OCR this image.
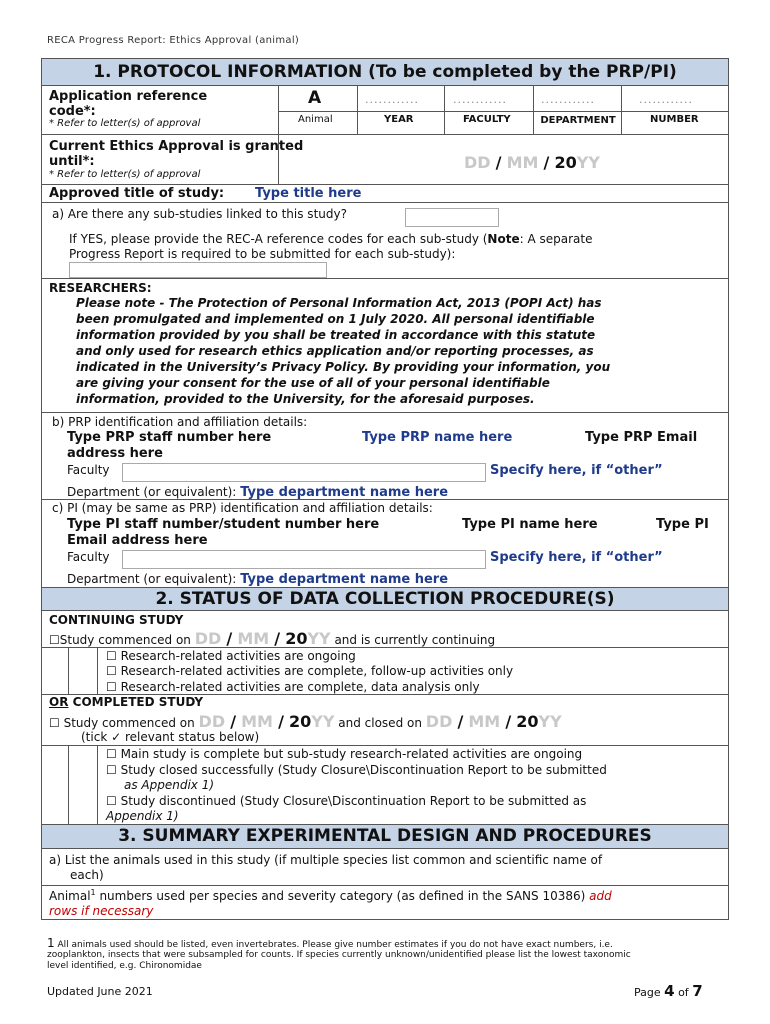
RECA Progress Report: Ethics Approval (animal)
1. PROTOCOL INFORMATION (To be completed by the PRP/PI)
Application reference code*:
* Refer to letter(s) of approval
A	............	............	............	............
Animal	YEAR	FACULTY	DEPARTMENT	NUMBER
Current Ethics Approval is granted until*:
* Refer to letter(s) of approval
DD / MM / 20YY
Approved title of study: Type title here
a) Are there any sub-studies linked to this study?
If YES, please provide the REC-A reference codes for each sub-study (Note: A separate
Progress Report is required to be submitted for each sub-study):
RESEARCHERS:
Please note - The Protection of Personal Information Act, 2013 (POPI Act) has
been promulgated and implemented on 1 July 2020. All personal identifiable
information provided by you shall be treated in accordance with this statute
and only used for research ethics application and/or reporting processes, as
indicated in the University’s Privacy Policy. By providing your information, you
are giving your consent for the use of all of your personal identifiable
information, provided to the University, for the aforesaid purposes.
b) PRP identification and affiliation details:
Type PRP staff number here	Type PRP name here	Type PRP Email
address here
Faculty	Specify here, if “other”
Department (or equivalent): Type department name here
c) PI (may be same as PRP) identification and affiliation details:
Type PI staff number/student number here	Type PI name here	Type PI
Email address here
Faculty	Specify here, if “other”
Department (or equivalent): Type department name here
2. STATUS OF DATA COLLECTION PROCEDURE(S)
CONTINUING STUDY
☐Study commenced on DD / MM / 20YY and is currently continuing
☐ Research-related activities are ongoing
☐ Research-related activities are complete, follow-up activities only
☐ Research-related activities are complete, data analysis only
OR COMPLETED STUDY
☐ Study commenced on DD / MM / 20YY and closed on DD / MM / 20YY
(tick ✓ relevant status below)
☐ Main study is complete but sub-study research-related activities are ongoing
☐ Study closed successfully (Study Closure\Discontinuation Report to be submitted
as Appendix 1)
☐ Study discontinued (Study Closure\Discontinuation Report to be submitted as
Appendix 1)
3. SUMMARY EXPERIMENTAL DESIGN AND PROCEDURES
a) List the animals used in this study (if multiple species list common and scientific name of
each)
Animal$^1$ numbers used per species and severity category (as defined in the SANS 10386) add
rows if necessary
1 All animals used should be listed, even invertebrates. Please give number estimates if you do not have exact numbers, i.e.
zooplankton, insects that were subsampled for counts. If species currently unknown/unidentified please list the lowest taxonomic
level identified, e.g. Chironomidae
Updated June 2021	Page 4 of 7
